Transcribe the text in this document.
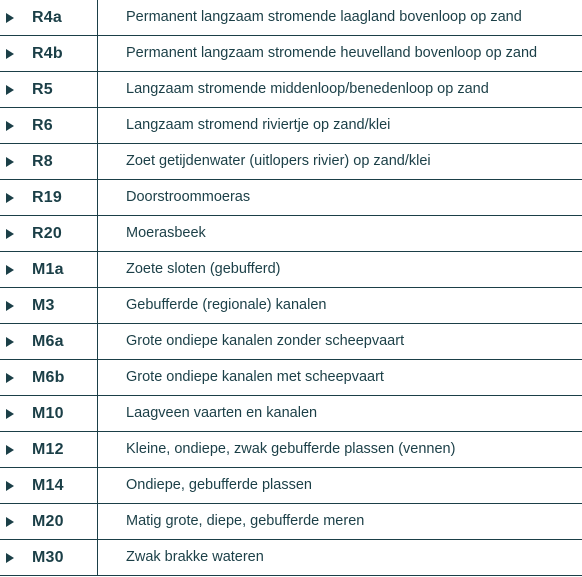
R4a	Permanent langzaam stromende laagland bovenloop op zand
R4b	Permanent langzaam stromende heuvelland bovenloop op zand
R5	Langzaam stromende middenloop/benedenloop op zand
R6	Langzaam stromend riviertje op zand/klei
R8	Zoet getijdenwater (uitlopers rivier) op zand/klei
R19	Doorstroommoeras
R20	Moerasbeek
M1a	Zoete sloten (gebufferd)
M3	Gebufferde (regionale) kanalen
M6a	Grote ondiepe kanalen zonder scheepvaart
M6b	Grote ondiepe kanalen met scheepvaart
M10	Laagveen vaarten en kanalen
M12	Kleine, ondiepe, zwak gebufferde plassen (vennen)
M14	Ondiepe, gebufferde plassen
M20	Matig grote, diepe, gebufferde meren
M30	Zwak brakke wateren
